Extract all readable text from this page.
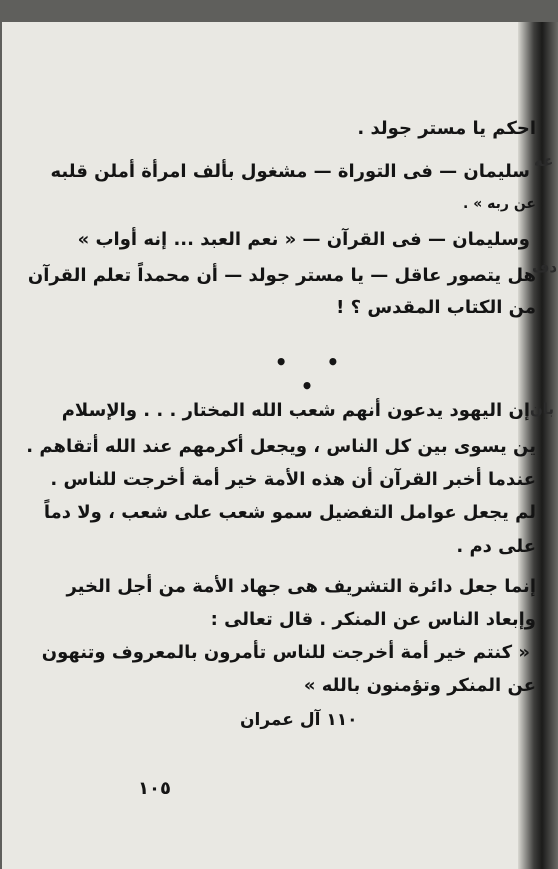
عه
دف
بان
احكم يا مستر جولد .
سليمان — فى التوراة — مشغول بألف امرأة أملن قلبه
عن ربه » .
وسليمان — فى القرآن — « نعم العبد ... إنه أواب »
هل يتصور عاقل — يا مستر جولد — أن محمداً تعلم القرآن
من الكتاب المقدس ؟ !
• • •
إن اليهود يدعون أنهم شعب الله المختار . . . والإسلام
ين يسوى بين كل الناس ، ويجعل أكرمهم عند الله أتقاهم .
عندما أخبر القرآن أن هذه الأمة خير أمة أخرجت للناس .
لم يجعل عوامل التفضيل سمو شعب على شعب ، ولا دماً
على دم .
إنما جعل دائرة التشريف هى جهاد الأمة من أجل الخير
وإبعاد الناس عن المنكر . قال تعالى :
« كنتم خير أمة أخرجت للناس تأمرون بالمعروف وتنهون
عن المنكر وتؤمنون بالله »
١١٠ آل عمران
١٠٥
